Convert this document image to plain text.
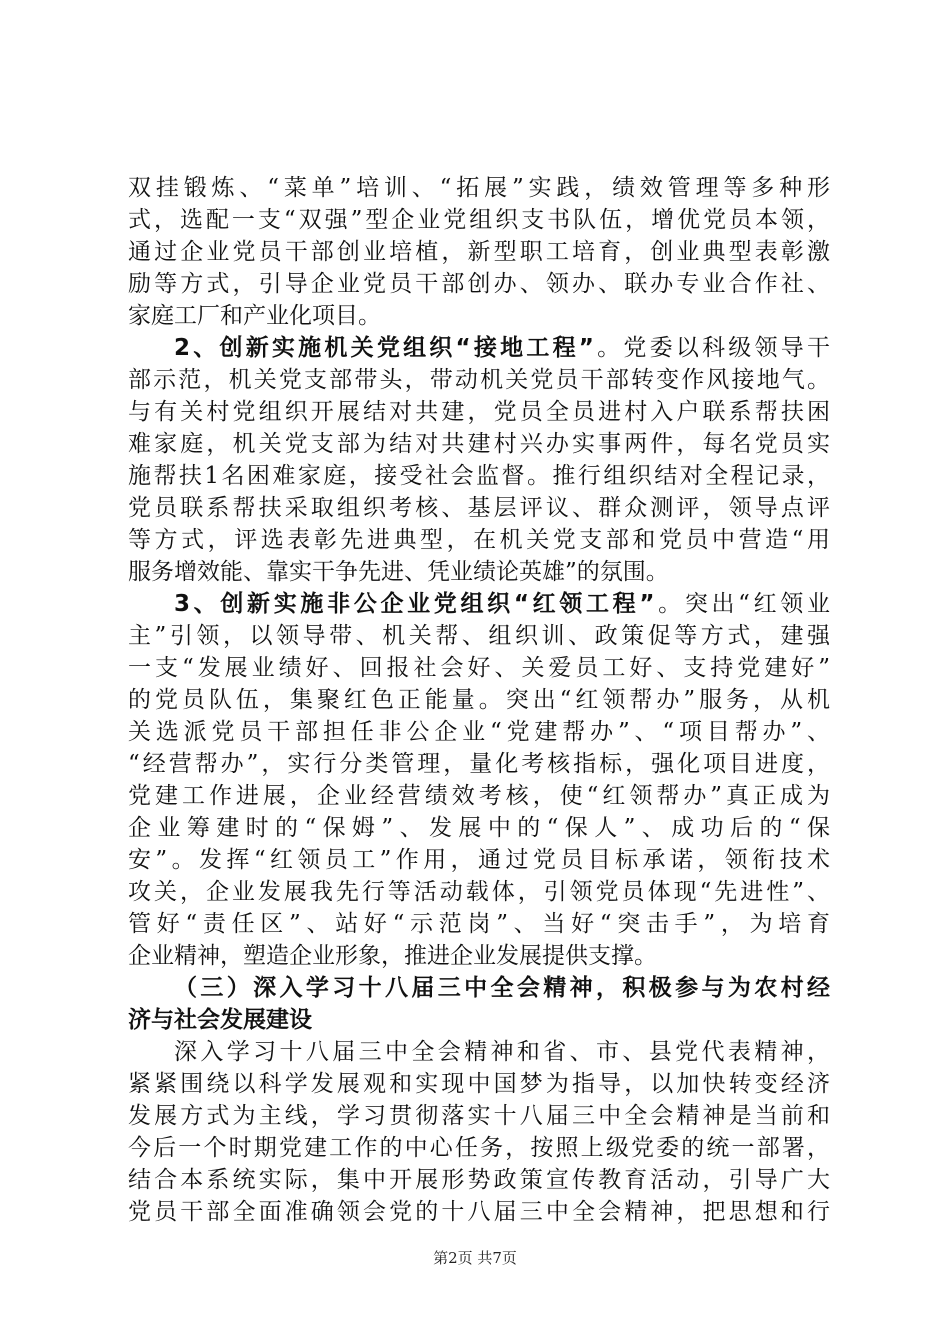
双挂锻炼、“菜单”培训、“拓展”实践，绩效管理等多种形
式，选配一支“双强”型企业党组织支书队伍，增优党员本领，
通过企业党员干部创业培植，新型职工培育，创业典型表彰激
励等方式，引导企业党员干部创办、领办、联办专业合作社、
家庭工厂和产业化项目。
2、创新实施机关党组织“接地工程”。党委以科级领导干
部示范，机关党支部带头，带动机关党员干部转变作风接地气。
与有关村党组织开展结对共建，党员全员进村入户联系帮扶困
难家庭，机关党支部为结对共建村兴办实事两件，每名党员实
施帮扶1名困难家庭，接受社会监督。推行组织结对全程记录，
党员联系帮扶采取组织考核、基层评议、群众测评，领导点评
等方式，评选表彰先进典型，在机关党支部和党员中营造“用
服务增效能、靠实干争先进、凭业绩论英雄”的氛围。
3、创新实施非公企业党组织“红领工程”。突出“红领业
主”引领，以领导带、机关帮、组织训、政策促等方式，建强
一支“发展业绩好、回报社会好、关爱员工好、支持党建好”
的党员队伍，集聚红色正能量。突出“红领帮办”服务，从机
关选派党员干部担任非公企业“党建帮办”、“项目帮办”、
“经营帮办”，实行分类管理，量化考核指标，强化项目进度，
党建工作进展，企业经营绩效考核，使“红领帮办”真正成为
企业筹建时的“保姆”、发展中的“保人”、成功后的“保
安”。发挥“红领员工”作用，通过党员目标承诺，领衔技术
攻关，企业发展我先行等活动载体，引领党员体现“先进性”、
管好“责任区”、站好“示范岗”、当好“突击手”，为培育
企业精神，塑造企业形象，推进企业发展提供支撑。
（三）深入学习十八届三中全会精神，积极参与为农村经
济与社会发展建设
深入学习十八届三中全会精神和省、市、县党代表精神，
紧紧围绕以科学发展观和实现中国梦为指导，以加快转变经济
发展方式为主线，学习贯彻落实十八届三中全会精神是当前和
今后一个时期党建工作的中心任务，按照上级党委的统一部署，
结合本系统实际，集中开展形势政策宣传教育活动，引导广大
党员干部全面准确领会党的十八届三中全会精神，把思想和行
第2页 共7页
